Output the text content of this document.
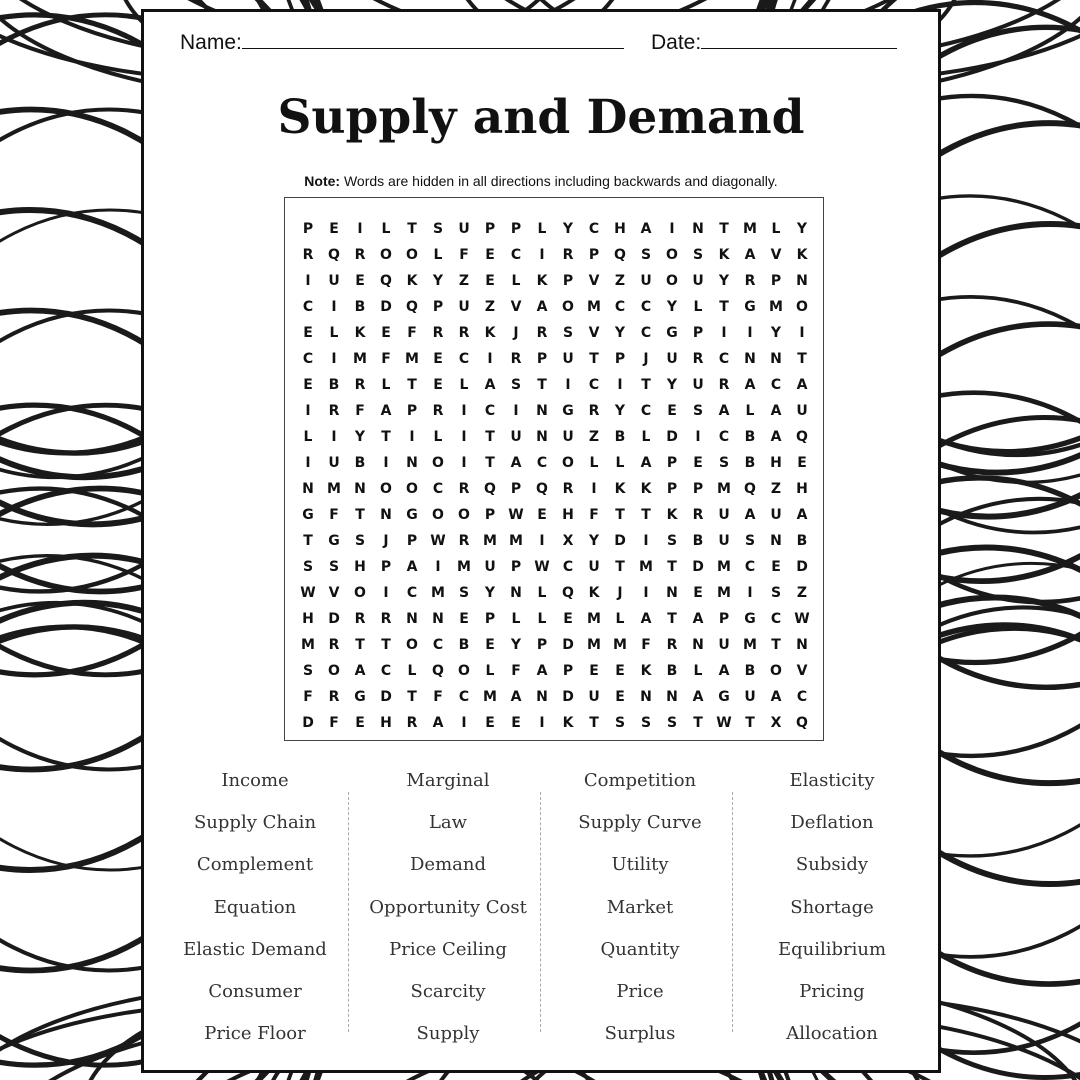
Name:	Date:
Supply and Demand
Note: Words are hidden in all directions including backwards and diagonally.
P	E	I	L	T	S	U	P	P	L	Y	C	H	A	I	N	T	M	L	Y
R	Q	R	O	O	L	F	E	C	I	R	P	Q	S	O	S	K	A	V	K
I	U	E	Q	K	Y	Z	E	L	K	P	V	Z	U	O	U	Y	R	P	N
C	I	B	D	Q	P	U	Z	V	A	O M C	C	Y	L	T	G M O
E	L	K	E	F	R	R	K	J	R	S	V	Y	C	G	P	I	I	Y	I
C	I	M	F	M	E	C	I	R	P	U	T	P	J	U	R	C	N	N	T
E	B	R	L	T	E	L	A	S	T	I	C	I	T	Y	U	R	A	C	A
I	R	F	A	P	R	I	C	I	N	G	R	Y	C	E	S	A	L	A	U
L	I	Y	T	I	L	I	T	U	N	U	Z	B	L	D	I	C	B	A	Q
I	U	B	I	N	O	I	T	A	C	O	L	L	A	P	E	S	B	H	E
N M N	O	O	C	R	Q	P	Q	R	I	K	K	P	P M Q	Z	H
G	F	T	N	G	O	O	P W E	H	F	T	T	K	R	U	A	U	A
T	G	S	J	P W R M M	I	X	Y	D	I	S	B	U	S	N	B
S	S	H	P	A	I	M U	P W C	U	T	M	T	D M C	E	D
W V	O	I	C M S	Y	N	L	Q	K	J	I	N	E	M	I	S	Z
H	D	R	R	N	N	E	P	L	L	E	M	L	A	T	A	P	G	C W
M R	T	T	O	C	B	E	Y	P	D M M	F	R	N	U M	T	N
S	O	A	C	L	Q	O	L	F	A	P	E	E	K	B	L	A	B	O	V
F	R	G	D	T	F	C M A	N	D	U	E	N	N	A	G	U	A	C
D	F	E	H	R	A	I	E	E	I	K	T	S	S	S	T W T	X	Q
Income
Supply Chain
Complement
Equation
Elastic Demand
Consumer
Price Floor
Marginal
Law
Demand
Opportunity Cost
Price Ceiling
Scarcity
Supply
Competition
Supply Curve
Utility
Market
Quantity
Price
Surplus
Elasticity
Deflation
Subsidy
Shortage
Equilibrium
Pricing
Allocation
